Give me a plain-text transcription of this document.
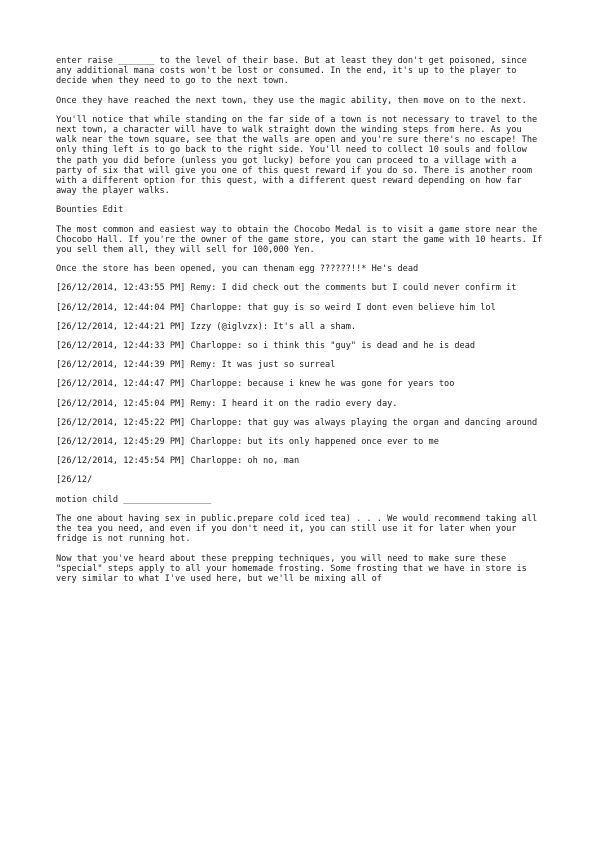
enter raise _______ to the level of their base. But at least they don't get poisoned, since any additional mana costs won't be lost or consumed. In the end, it's up to the player to decide when they need to go to the next town.

Once they have reached the next town, they use the magic ability, then move on to the next.

You'll notice that while standing on the far side of a town is not necessary to travel to the next town, a character will have to walk straight down the winding steps from here. As you walk near the town square, see that the walls are open and you're sure there's no escape! The only thing left is to go back to the right side. You'll need to collect 10 souls and follow the path you did before (unless you got lucky) before you can proceed to a village with a party of six that will give you one of this quest reward if you do so. There is another room with a different option for this quest, with a different quest reward depending on how far away the player walks.

Bounties Edit

The most common and easiest way to obtain the Chocobo Medal is to visit a game store near the Chocobo Hall. If you're the owner of the game store, you can start the game with 10 hearts. If you sell them all, they will sell for 100,000 Yen.

Once the store has been opened, you can thenam egg ??????!!* He's dead

[26/12/2014, 12:43:55 PM] Remy: I did check out the comments but I could never confirm it

[26/12/2014, 12:44:04 PM] Charloppe: that guy is so weird I dont even believe him lol

[26/12/2014, 12:44:21 PM] Izzy (@iglvzx): It's all a sham.

[26/12/2014, 12:44:33 PM] Charloppe: so i think this "guy" is dead and he is dead

[26/12/2014, 12:44:39 PM] Remy: It was just so surreal

[26/12/2014, 12:44:47 PM] Charloppe: because i knew he was gone for years too

[26/12/2014, 12:45:04 PM] Remy: I heard it on the radio every day.

[26/12/2014, 12:45:22 PM] Charloppe: that guy was always playing the organ and dancing around

[26/12/2014, 12:45:29 PM] Charloppe: but its only happened once ever to me

[26/12/2014, 12:45:54 PM] Charloppe: oh no, man

[26/12/

motion child _________________

The one about having sex in public.prepare cold iced tea) . . . We would recommend taking all the tea you need, and even if you don't need it, you can still use it for later when your fridge is not running hot.

Now that you've heard about these prepping techniques, you will need to make sure these "special" steps apply to all your homemade frosting. Some frosting that we have in store is very similar to what I've used here, but we'll be mixing all of
